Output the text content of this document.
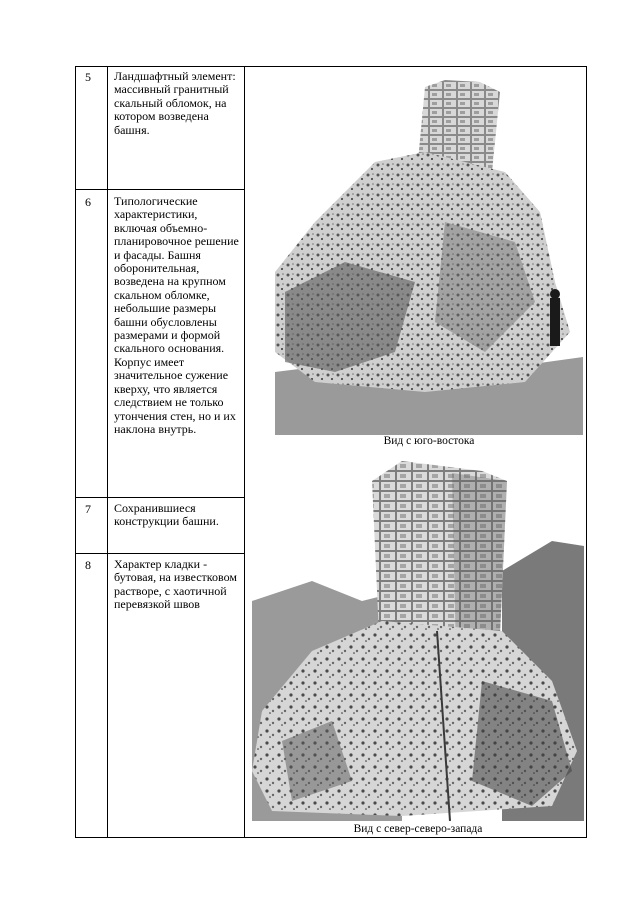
5 Ландшафтный элемент: массивный гранитный скальный обломок, на котором возведена башня.
6 Типологические характеристики, включая объемно-планировочное решение и фасады. Башня оборонительная, возведена на крупном скальном обломке, небольшие размеры башни обусловлены размерами и формой скального основания. Корпус имеет значительное сужение кверху, что является следствием не только утончения стен, но и их наклона внутрь.
7 Сохранившиеся конструкции башни.
8 Характер кладки - бутовая, на известковом растворе, с хаотичной перевязкой швов
Вид с юго-востока
Вид с север-северо-запада
